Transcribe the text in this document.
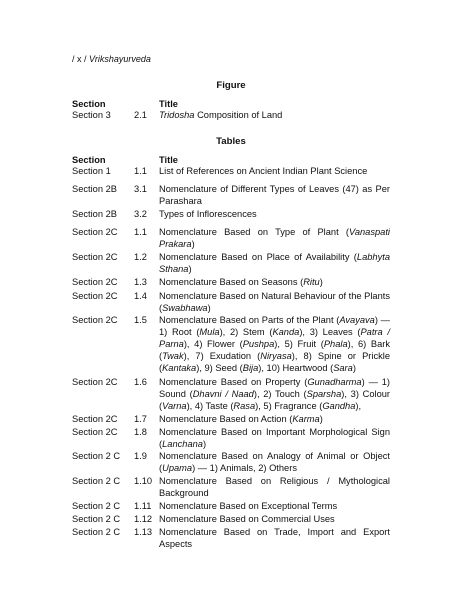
/ x / Vrikshayurveda
Figure
Section	Title
Section 3 2.1 Tridosha Composition of Land
Tables
Section	Title
Section 1 1.1 List of References on Ancient Indian Plant Science
Section 2B 3.1 Nomenclature of Different Types of Leaves (47) as Per Parashara
Section 2B 3.2 Types of Inflorescences
Section 2C 1.1 Nomenclature Based on Type of Plant (Vanaspati Prakara)
Section 2C 1.2 Nomenclature Based on Place of Availability (Labhyta Sthana)
Section 2C 1.3 Nomenclature Based on Seasons (Ritu)
Section 2C 1.4 Nomenclature Based on Natural Behaviour of the Plants (Swabhawa)
Section 2C 1.5 Nomenclature Based on Parts of the Plant (Avayava) — 1) Root (Mula), 2) Stem (Kanda), 3) Leaves (Patra / Parna), 4) Flower (Pushpa), 5) Fruit (Phala), 6) Bark (Twak), 7) Exudation (Niryasa), 8) Spine or Prickle (Kantaka), 9) Seed (Bija), 10) Heartwood (Sara)
Section 2C 1.6 Nomenclature Based on Property (Gunadharma) — 1) Sound (Dhavni / Naad), 2) Touch (Sparsha), 3) Colour (Varna), 4) Taste (Rasa), 5) Fragrance (Gandha),
Section 2C 1.7 Nomenclature Based on Action (Karma)
Section 2C 1.8 Nomenclature Based on Important Morphological Sign (Lanchana)
Section 2 C 1.9 Nomenclature Based on Analogy of Animal or Object (Upama) — 1) Animals, 2) Others
Section 2 C 1.10 Nomenclature Based on Religious / Mythological Background
Section 2 C 1.11 Nomenclature Based on Exceptional Terms
Section 2 C 1.12 Nomenclature Based on Commercial Uses
Section 2 C 1.13 Nomenclature Based on Trade, Import and Export Aspects
